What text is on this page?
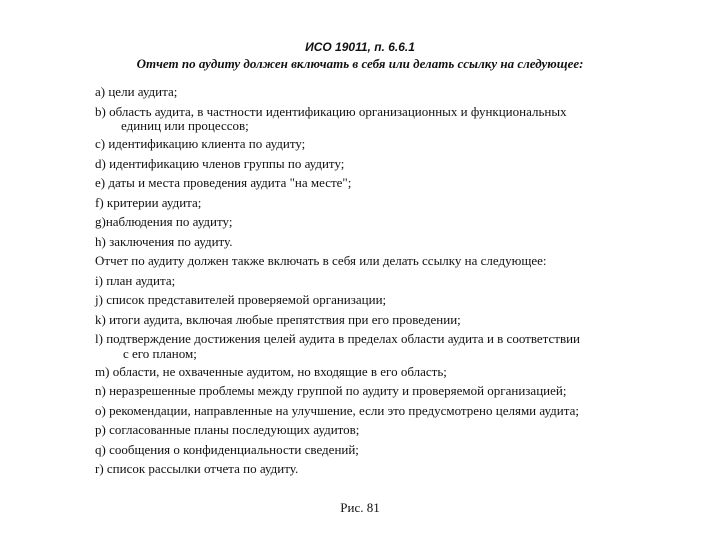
ИСО 19011, п. 6.6.1
Отчет по аудиту должен включать в себя или делать ссылку на следующее:
a) цели аудита;
b) область аудита, в частности идентификацию организационных и функциональных
единиц или процессов;
c) идентификацию клиента по аудиту;
d) идентификацию членов группы по аудиту;
e) даты и места проведения аудита "на месте";
f) критерии аудита;
g)наблюдения по аудиту;
h) заключения по аудиту.
Отчет по аудиту должен также включать в себя или делать ссылку на следующее:
i) план аудита;
j) список представителей проверяемой организации;
k) итоги аудита, включая любые препятствия при его проведении;
l) подтверждение достижения целей аудита в пределах области аудита и в соответствии
с его планом;
m) области, не охваченные аудитом, но входящие в его область;
n) неразрешенные проблемы между группой по аудиту и проверяемой организацией;
o) рекомендации, направленные на улучшение, если это предусмотрено целями аудита;
p) согласованные планы последующих аудитов;
q) сообщения о конфиденциальности сведений;
r) список рассылки отчета по аудиту.
Рис. 81
